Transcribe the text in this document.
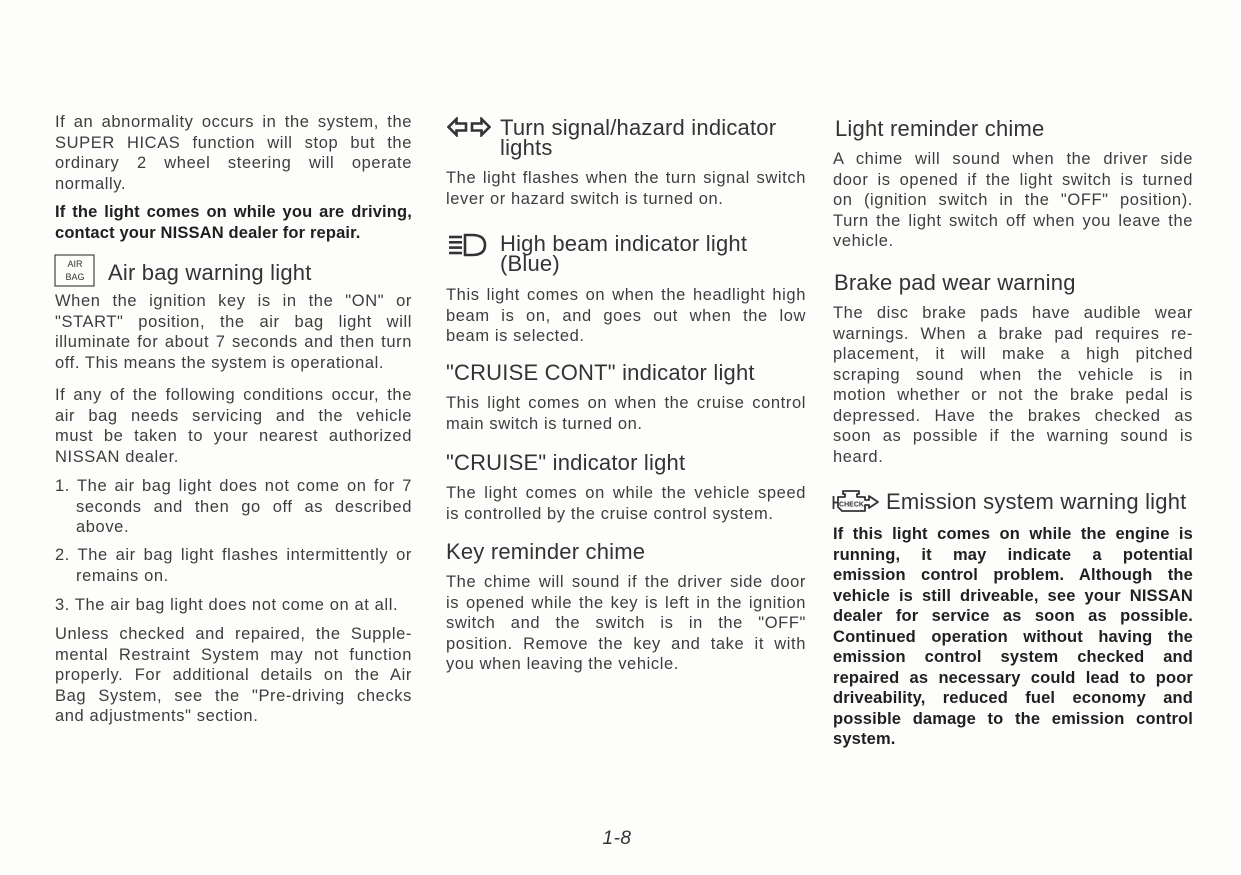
If an abnormality occurs in the system, the
SUPER HICAS function will stop but the
ordinary 2 wheel steering will operate
normally.
If the light comes on while you are driving,
contact your NISSAN dealer for repair.
AIR
BAG Air bag warning light
When the ignition key is in the "ON" or
"START" position, the air bag light will
illuminate for about 7 seconds and then turn
off. This means the system is operational.
If any of the following conditions occur, the
air bag needs servicing and the vehicle
must be taken to your nearest authorized
NISSAN dealer.
1. The air bag light does not come on for 7
seconds and then go off as described
above.
2. The air bag light flashes intermittently or
remains on.
3. The air bag light does not come on at all.
Unless checked and repaired, the Supple-
mental Restraint System may not function
properly. For additional details on the Air
Bag System, see the "Pre-driving checks
and adjustments" section.
Turn signal/hazard indicator
lights
The light flashes when the turn signal switch
lever or hazard switch is turned on.
High beam indicator light
(Blue)
This light comes on when the headlight high
beam is on, and goes out when the low
beam is selected.
"CRUISE CONT" indicator light
This light comes on when the cruise control
main switch is turned on.
"CRUISE" indicator light
The light comes on while the vehicle speed
is controlled by the cruise control system.
Key reminder chime
The chime will sound if the driver side door
is opened while the key is left in the ignition
switch and the switch is in the "OFF"
position. Remove the key and take it with
you when leaving the vehicle.
Light reminder chime
A chime will sound when the driver side
door is opened if the light switch is turned
on (ignition switch in the "OFF" position).
Turn the light switch off when you leave the
vehicle.
Brake pad wear warning
The disc brake pads have audible wear
warnings. When a brake pad requires re-
placement, it will make a high pitched
scraping sound when the vehicle is in
motion whether or not the brake pedal is
depressed. Have the brakes checked as
soon as possible if the warning sound is
heard.
CHECK Emission system warning light
If this light comes on while the engine is
running, it may indicate a potential
emission control problem. Although the
vehicle is still driveable, see your NISSAN
dealer for service as soon as possible.
Continued operation without having the
emission control system checked and
repaired as necessary could lead to poor
driveability, reduced fuel economy and
possible damage to the emission control
system.
1-8
